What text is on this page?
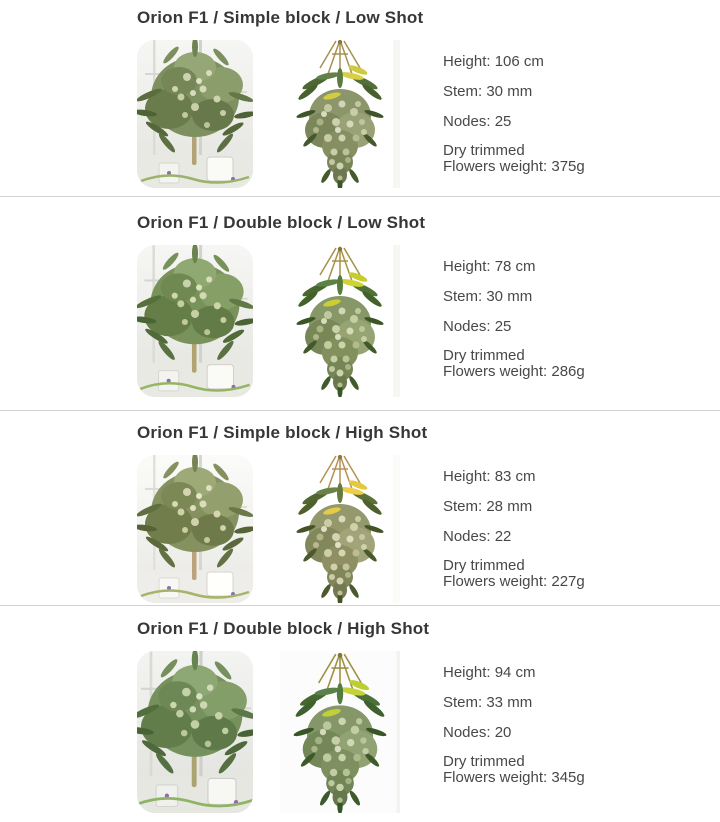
Orion F1 / Simple block / Low Shot

Height: 106 cm

Stem: 30 mm

Nodes: 25

Dry trimmed
Flowers weight: 375g

Orion F1 / Double block / Low Shot

Height: 78 cm

Stem: 30 mm

Nodes: 25

Dry trimmed
Flowers weight: 286g

Orion F1 / Simple block / High Shot

Height: 83 cm

Stem: 28 mm

Nodes: 22

Dry trimmed
Flowers weight: 227g

Orion F1 / Double block / High Shot

Height: 94 cm

Stem: 33 mm

Nodes: 20

Dry trimmed
Flowers weight: 345g
